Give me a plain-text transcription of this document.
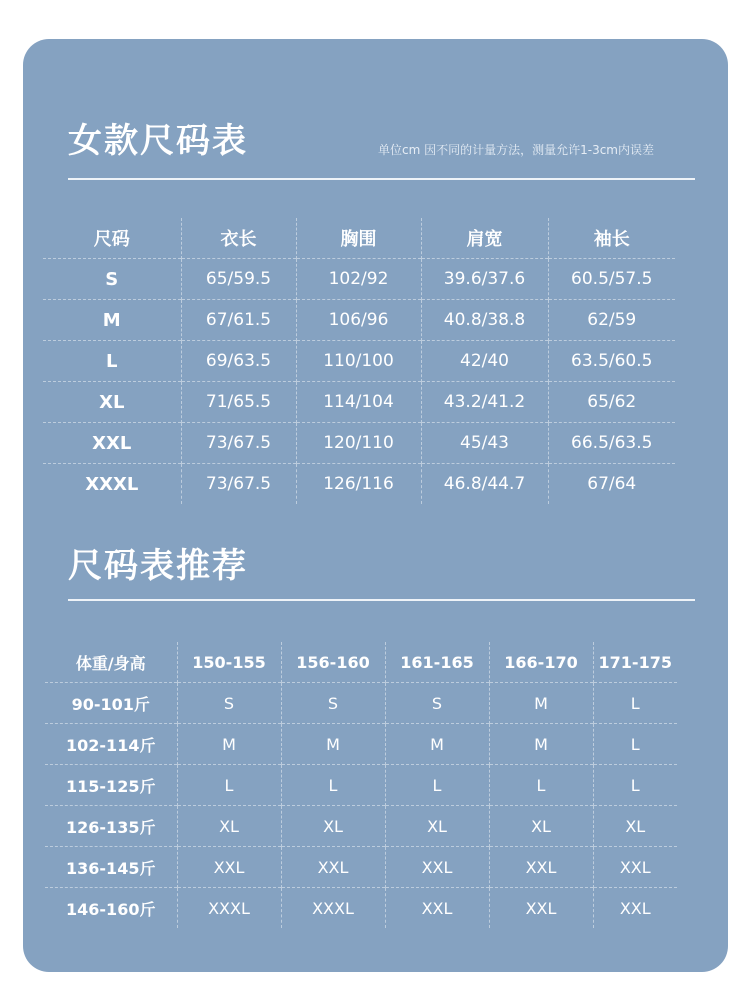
女款尺码表	单位cm 因不同的计量方法，测量允许1-3cm内误差
尺码表推荐
尺码	衣长	胸围	肩宽	袖长
S	65/59.5	102/92	39.6/37.6	60.5/57.5
M	67/61.5	106/96	40.8/38.8	62/59
L	69/63.5	110/100	42/40	63.5/60.5
XL	71/65.5	114/104	43.2/41.2	65/62
XXL	73/67.5	120/110	45/43	66.5/63.5
XXXL	73/67.5	126/116	46.8/44.7	67/64
体重/身高	150-155	156-160	161-165	166-170	171-175
90-101斤	S	S	S	M	L
102-114斤	M	M	M	M	L
115-125斤	L	L	L	L	L
126-135斤	XL	XL	XL	XL	XL
136-145斤	XXL	XXL	XXL	XXL	XXL
146-160斤	XXXL	XXXL	XXL	XXL	XXL
